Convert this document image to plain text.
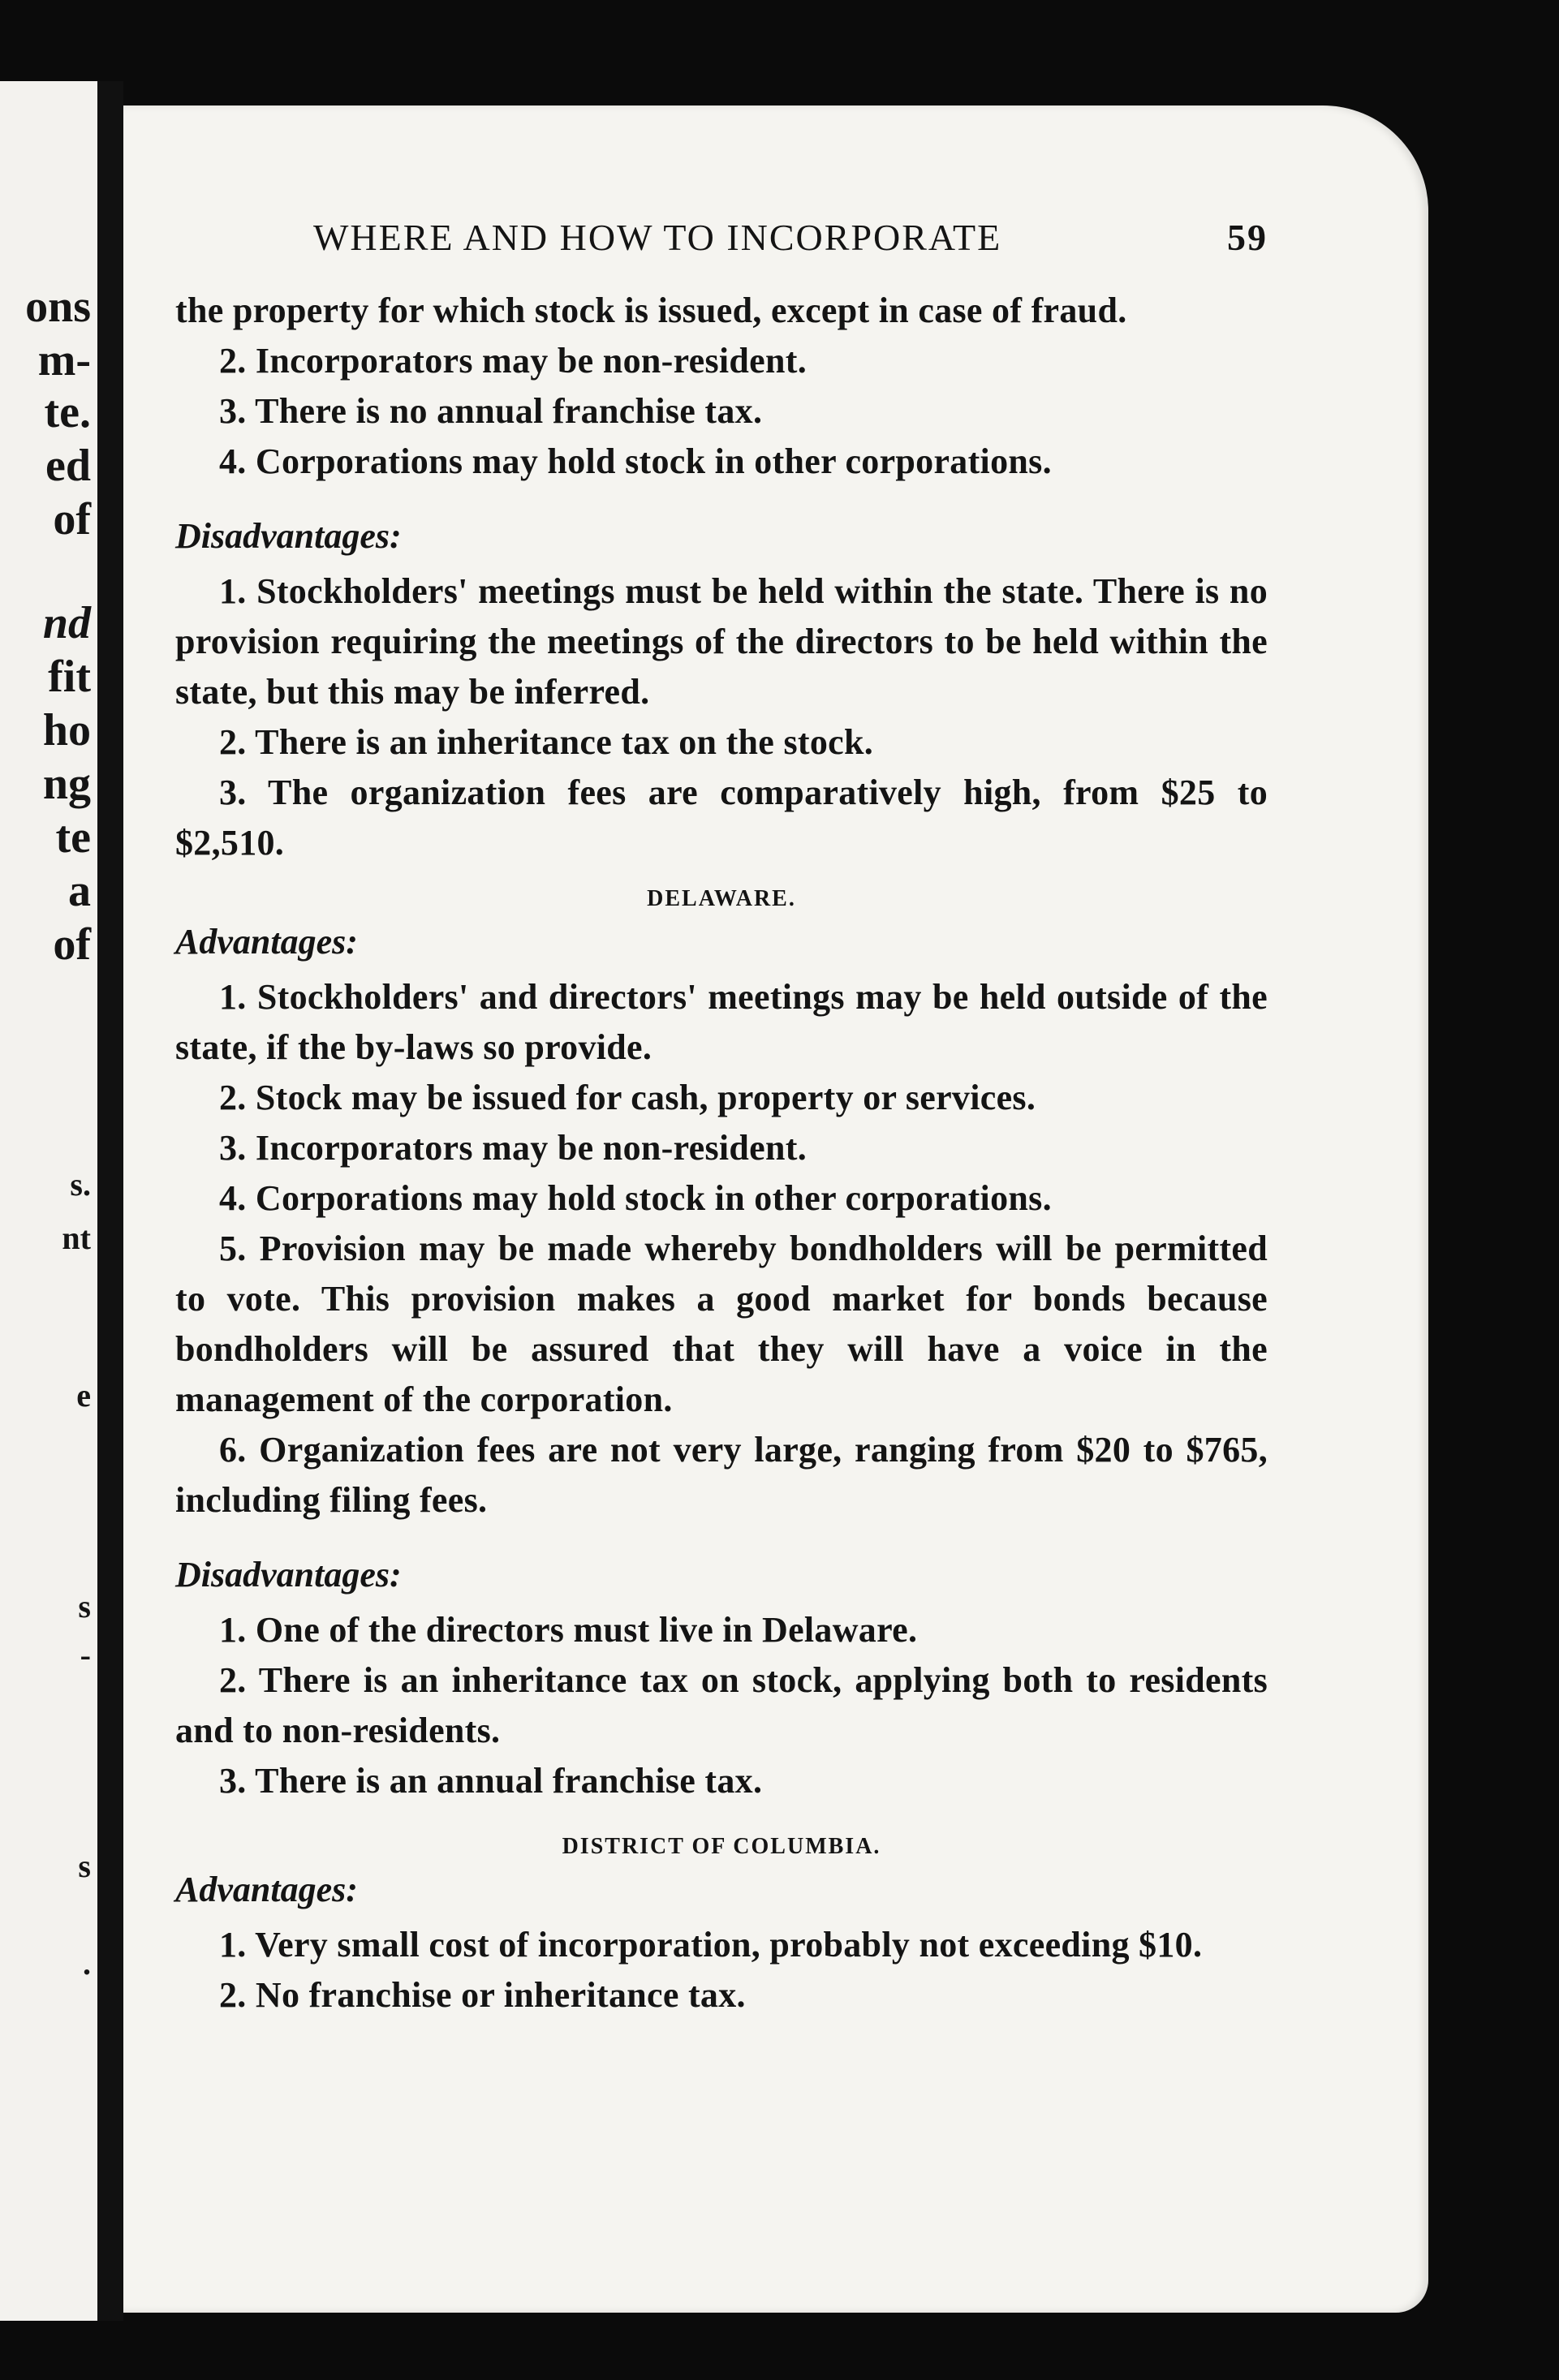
ons
m-
te.
ed
of
nd
fit
ho
ng
te
a
of
s.
nt
e
s
-
s
.
WHERE AND HOW TO INCORPORATE	59

the property for which stock is issued, except in case of fraud.

2. Incorporators may be non-resident.

3. There is no annual franchise tax.

4. Corporations may hold stock in other corporations.

Disadvantages:

1. Stockholders' meetings must be held within the state. There is no provision requiring the meetings of the directors to be held within the state, but this may be inferred.

2. There is an inheritance tax on the stock.

3. The organization fees are comparatively high, from $25 to $2,510.

DELAWARE.
Advantages:

1. Stockholders' and directors' meetings may be held outside of the state, if the by-laws so provide.

2. Stock may be issued for cash, property or services.

3. Incorporators may be non-resident.

4. Corporations may hold stock in other corporations.

5. Provision may be made whereby bondholders will be permitted to vote. This provision makes a good market for bonds because bondholders will be assured that they will have a voice in the management of the corporation.

6. Organization fees are not very large, ranging from $20 to $765, including filing fees.

Disadvantages:

1. One of the directors must live in Delaware.

2. There is an inheritance tax on stock, applying both to residents and to non-residents.

3. There is an annual franchise tax.

DISTRICT OF COLUMBIA.
Advantages:

1. Very small cost of incorporation, probably not exceeding $10.

2. No franchise or inheritance tax.
